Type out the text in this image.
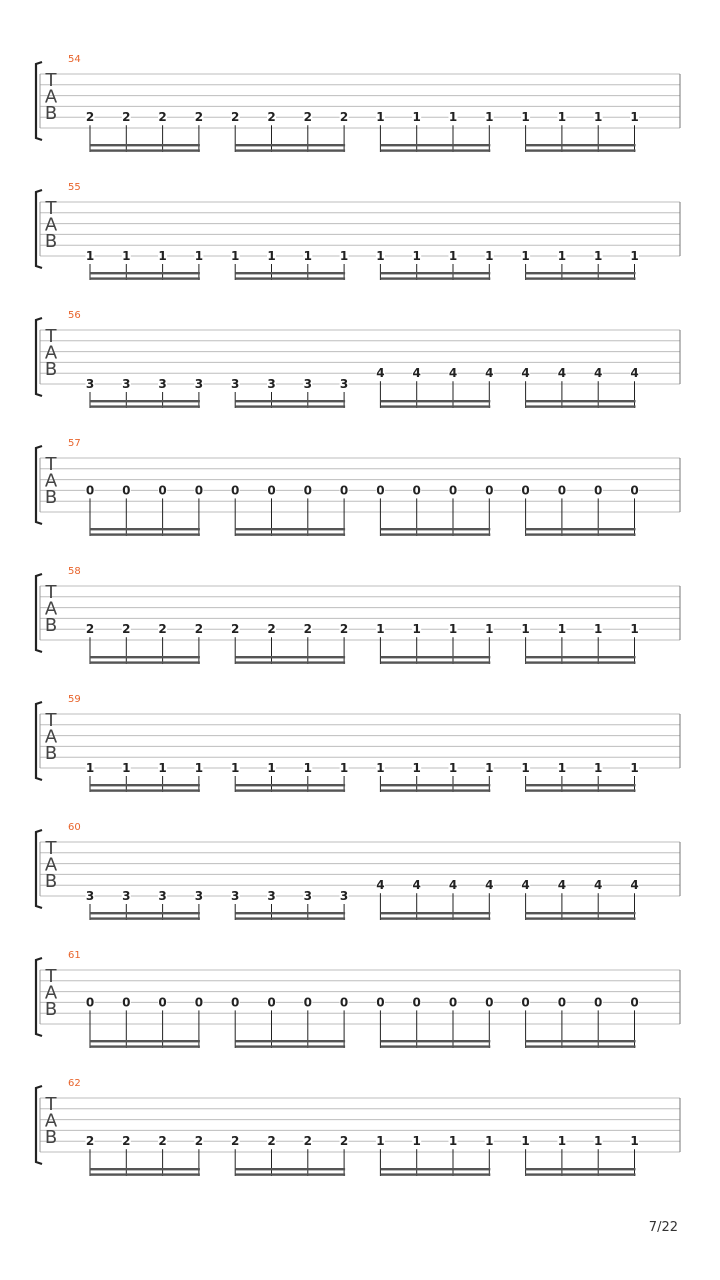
54
T
A
B 2 2 2 2 2 2 2 2 1 1 1 1 1 1 1 1
55
T
A
B
1 1 1 1 1 1 1 1 1 1 1 1 1 1 1 1
56
T
A
B
3 3 3 3 3 3 3 3
4 4 4 4 4 4 4 4
57
T
A
B 0 0 0 0 0 0 0 0 0 0 0 0 0 0 0 0
58
T
A
B 2 2 2 2 2 2 2 2 1 1 1 1 1 1 1 1
59
T
A
B
1 1 1 1 1 1 1 1 1 1 1 1 1 1 1 1
60
T
A
B
3 3 3 3 3 3 3 3
4 4 4 4 4 4 4 4
61
T
A
B 0 0 0 0 0 0 0 0 0 0 0 0 0 0 0 0
62
T
A
B 2 2 2 2 2 2 2 2 1 1 1 1 1 1 1 1
7/22
